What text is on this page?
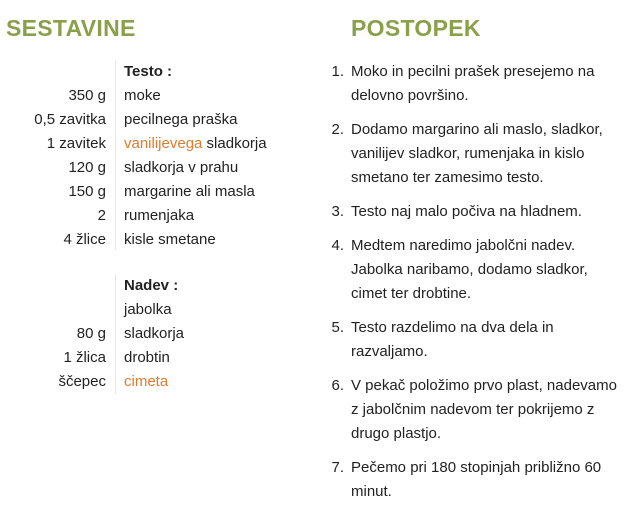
SESTAVINE	POSTOPEK
Testo :
350 g moke
0,5 zavitka pecilnega praška
1 zavitek vanilijevega sladkorja
120 g sladkorja v prahu
150 g margarine ali masla
2 rumenjaka
4 žlice kisle smetane
Nadev :
jabolka
80 g sladkorja
1 žlica drobtin
ščepec cimeta
1. Moko in pecilni prašek presejemo na delovno površino.
2. Dodamo margarino ali maslo, sladkor, vanilijev sladkor, rumenjaka in kislo smetano ter zamesimo testo.
3. Testo naj malo počiva na hladnem.
4. Medtem naredimo jabolčni nadev. Jabolka naribamo, dodamo sladkor, cimet ter drobtine.
5. Testo razdelimo na dva dela in razvaljamo.
6. V pekač položimo prvo plast, nadevamo z jabolčnim nadevom ter pokrijemo z drugo plastjo.
7. Pečemo pri 180 stopinjah približno 60 minut.
